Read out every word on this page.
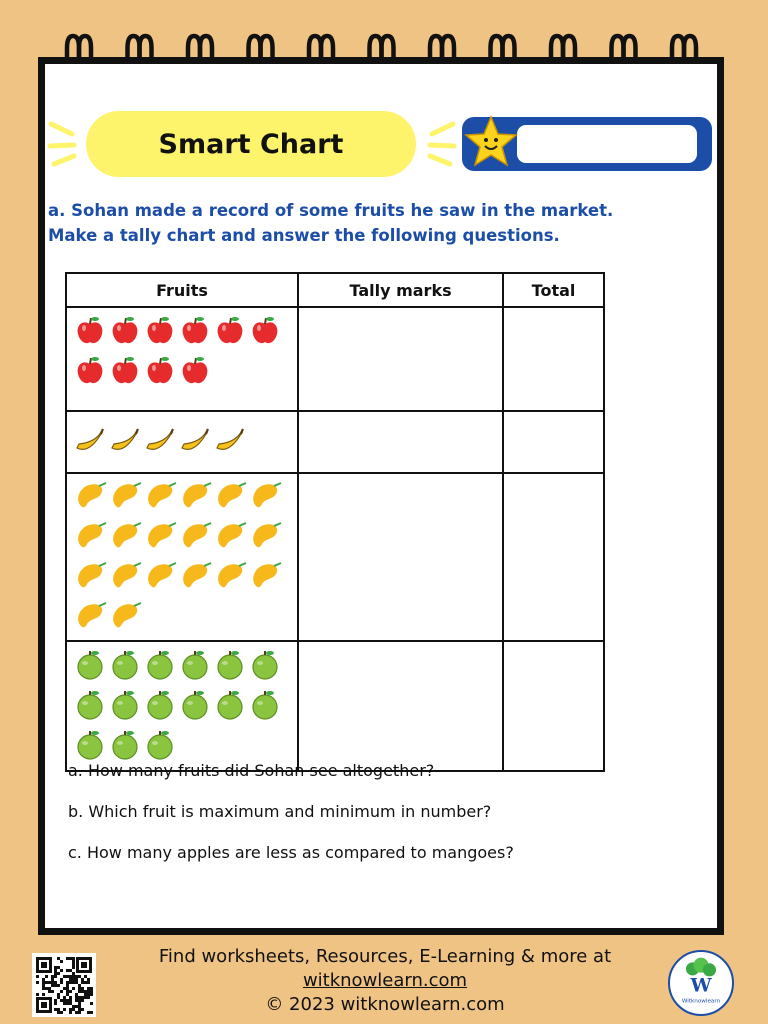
Smart Chart
a. Sohan made a record of some fruits he saw in the market.
Make a tally chart and answer the following questions.
Fruits	Tally marks	Total

a. How many fruits did Sohan see altogether?
b. Which fruit is maximum and minimum in number?
c. How many apples are less as compared to mangoes?
Find worksheets, Resources, E-Learning & more at
witknowlearn.com
© 2023 witknowlearn.com
W
Witknowlearn
